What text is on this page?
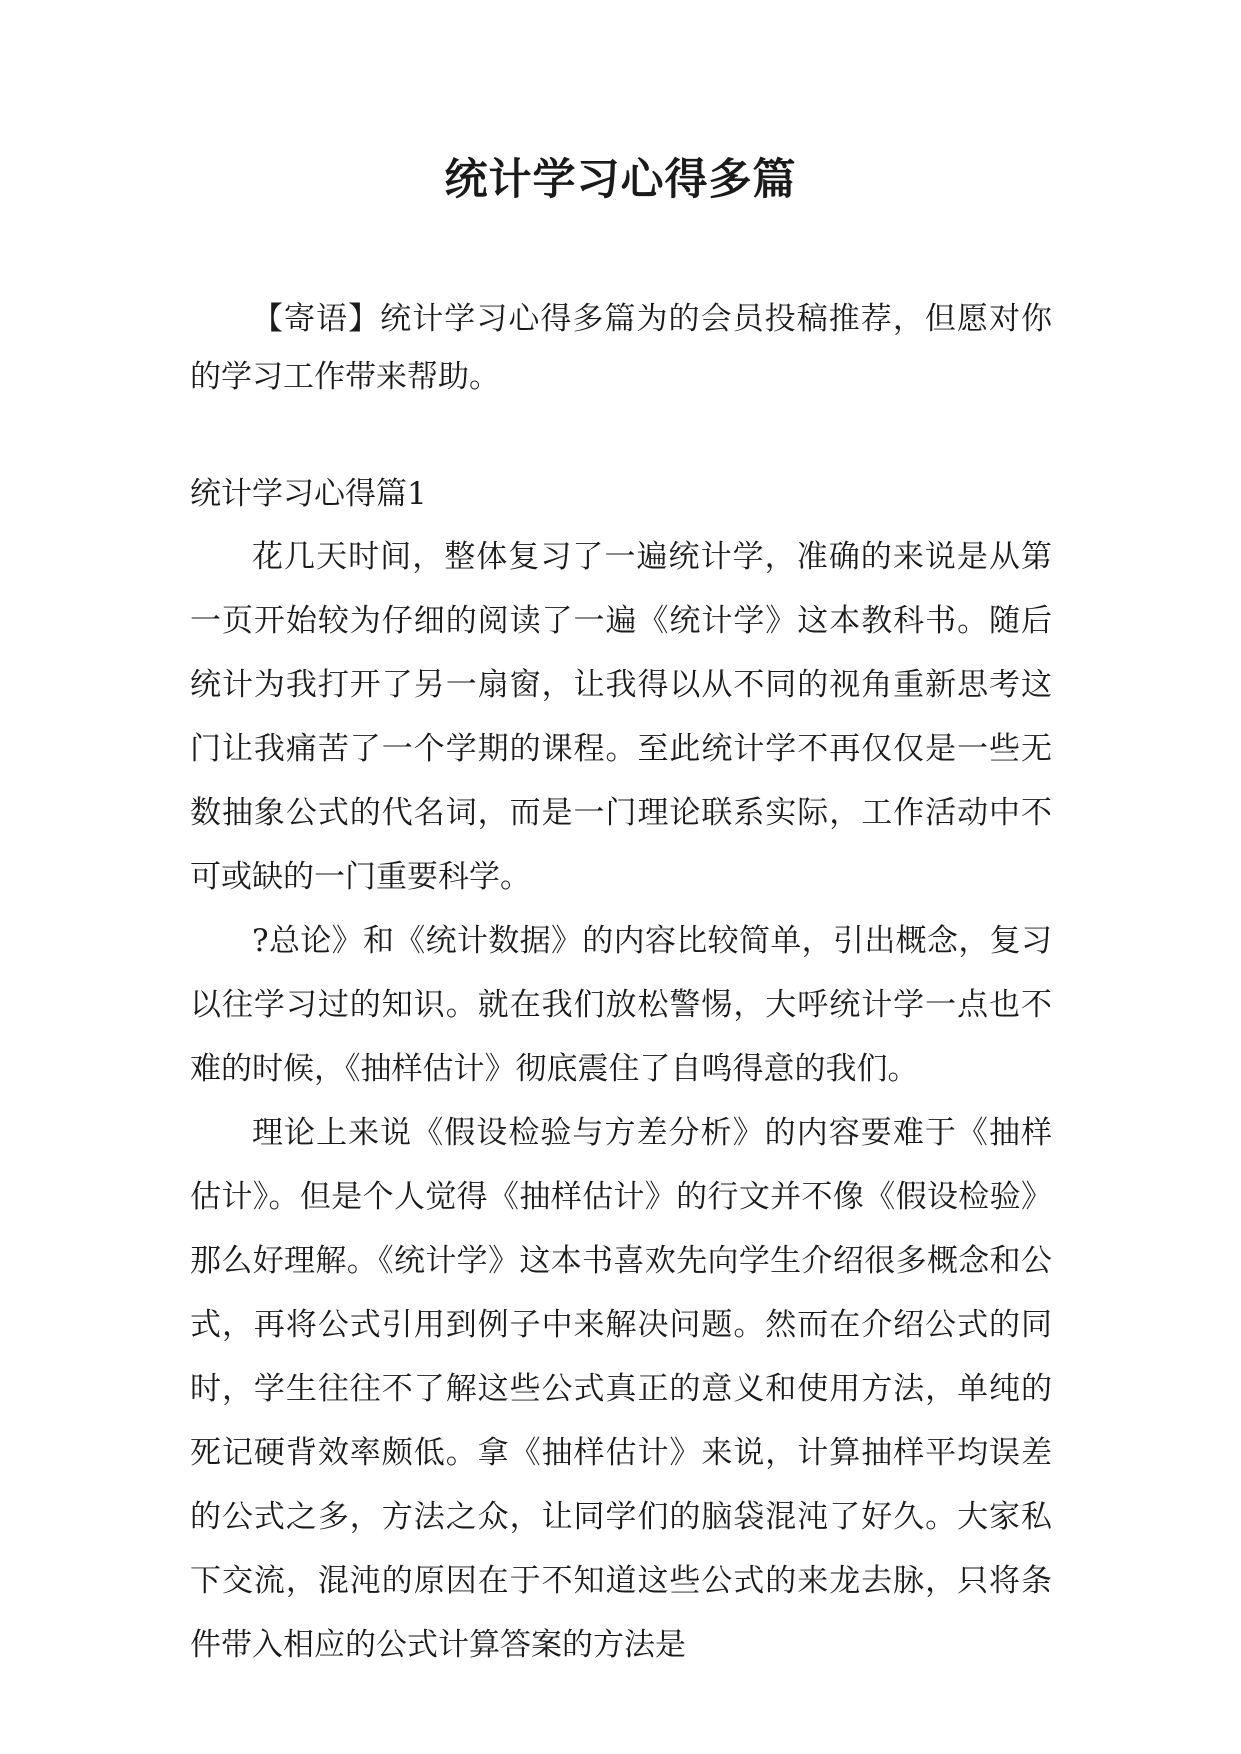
统计学习心得多篇

【寄语】统计学习心得多篇为的会员投稿推荐，但愿对你的学习工作带来帮助。

统计学习心得篇1

花几天时间，整体复习了一遍统计学，准确的来说是从第一页开始较为仔细的阅读了一遍《统计学》这本教科书。随后统计为我打开了另一扇窗，让我得以从不同的视角重新思考这门让我痛苦了一个学期的课程。至此统计学不再仅仅是一些无数抽象公式的代名词，而是一门理论联系实际，工作活动中不可或缺的一门重要科学。

?总论》和《统计数据》的内容比较简单，引出概念，复习以往学习过的知识。就在我们放松警惕，大呼统计学一点也不难的时候，《抽样估计》彻底震住了自鸣得意的我们。

理论上来说《假设检验与方差分析》的内容要难于《抽样估计》。但是个人觉得《抽样估计》的行文并不像《假设检验》那么好理解。《统计学》这本书喜欢先向学生介绍很多概念和公式，再将公式引用到例子中来解决问题。然而在介绍公式的同时，学生往往不了解这些公式真正的意义和使用方法，单纯的死记硬背效率颇低。拿《抽样估计》来说，计算抽样平均误差的公式之多，方法之众，让同学们的脑袋混沌了好久。大家私下交流，混沌的原因在于不知道这些公式的来龙去脉，只将条件带入相应的公式计算答案的方法是
